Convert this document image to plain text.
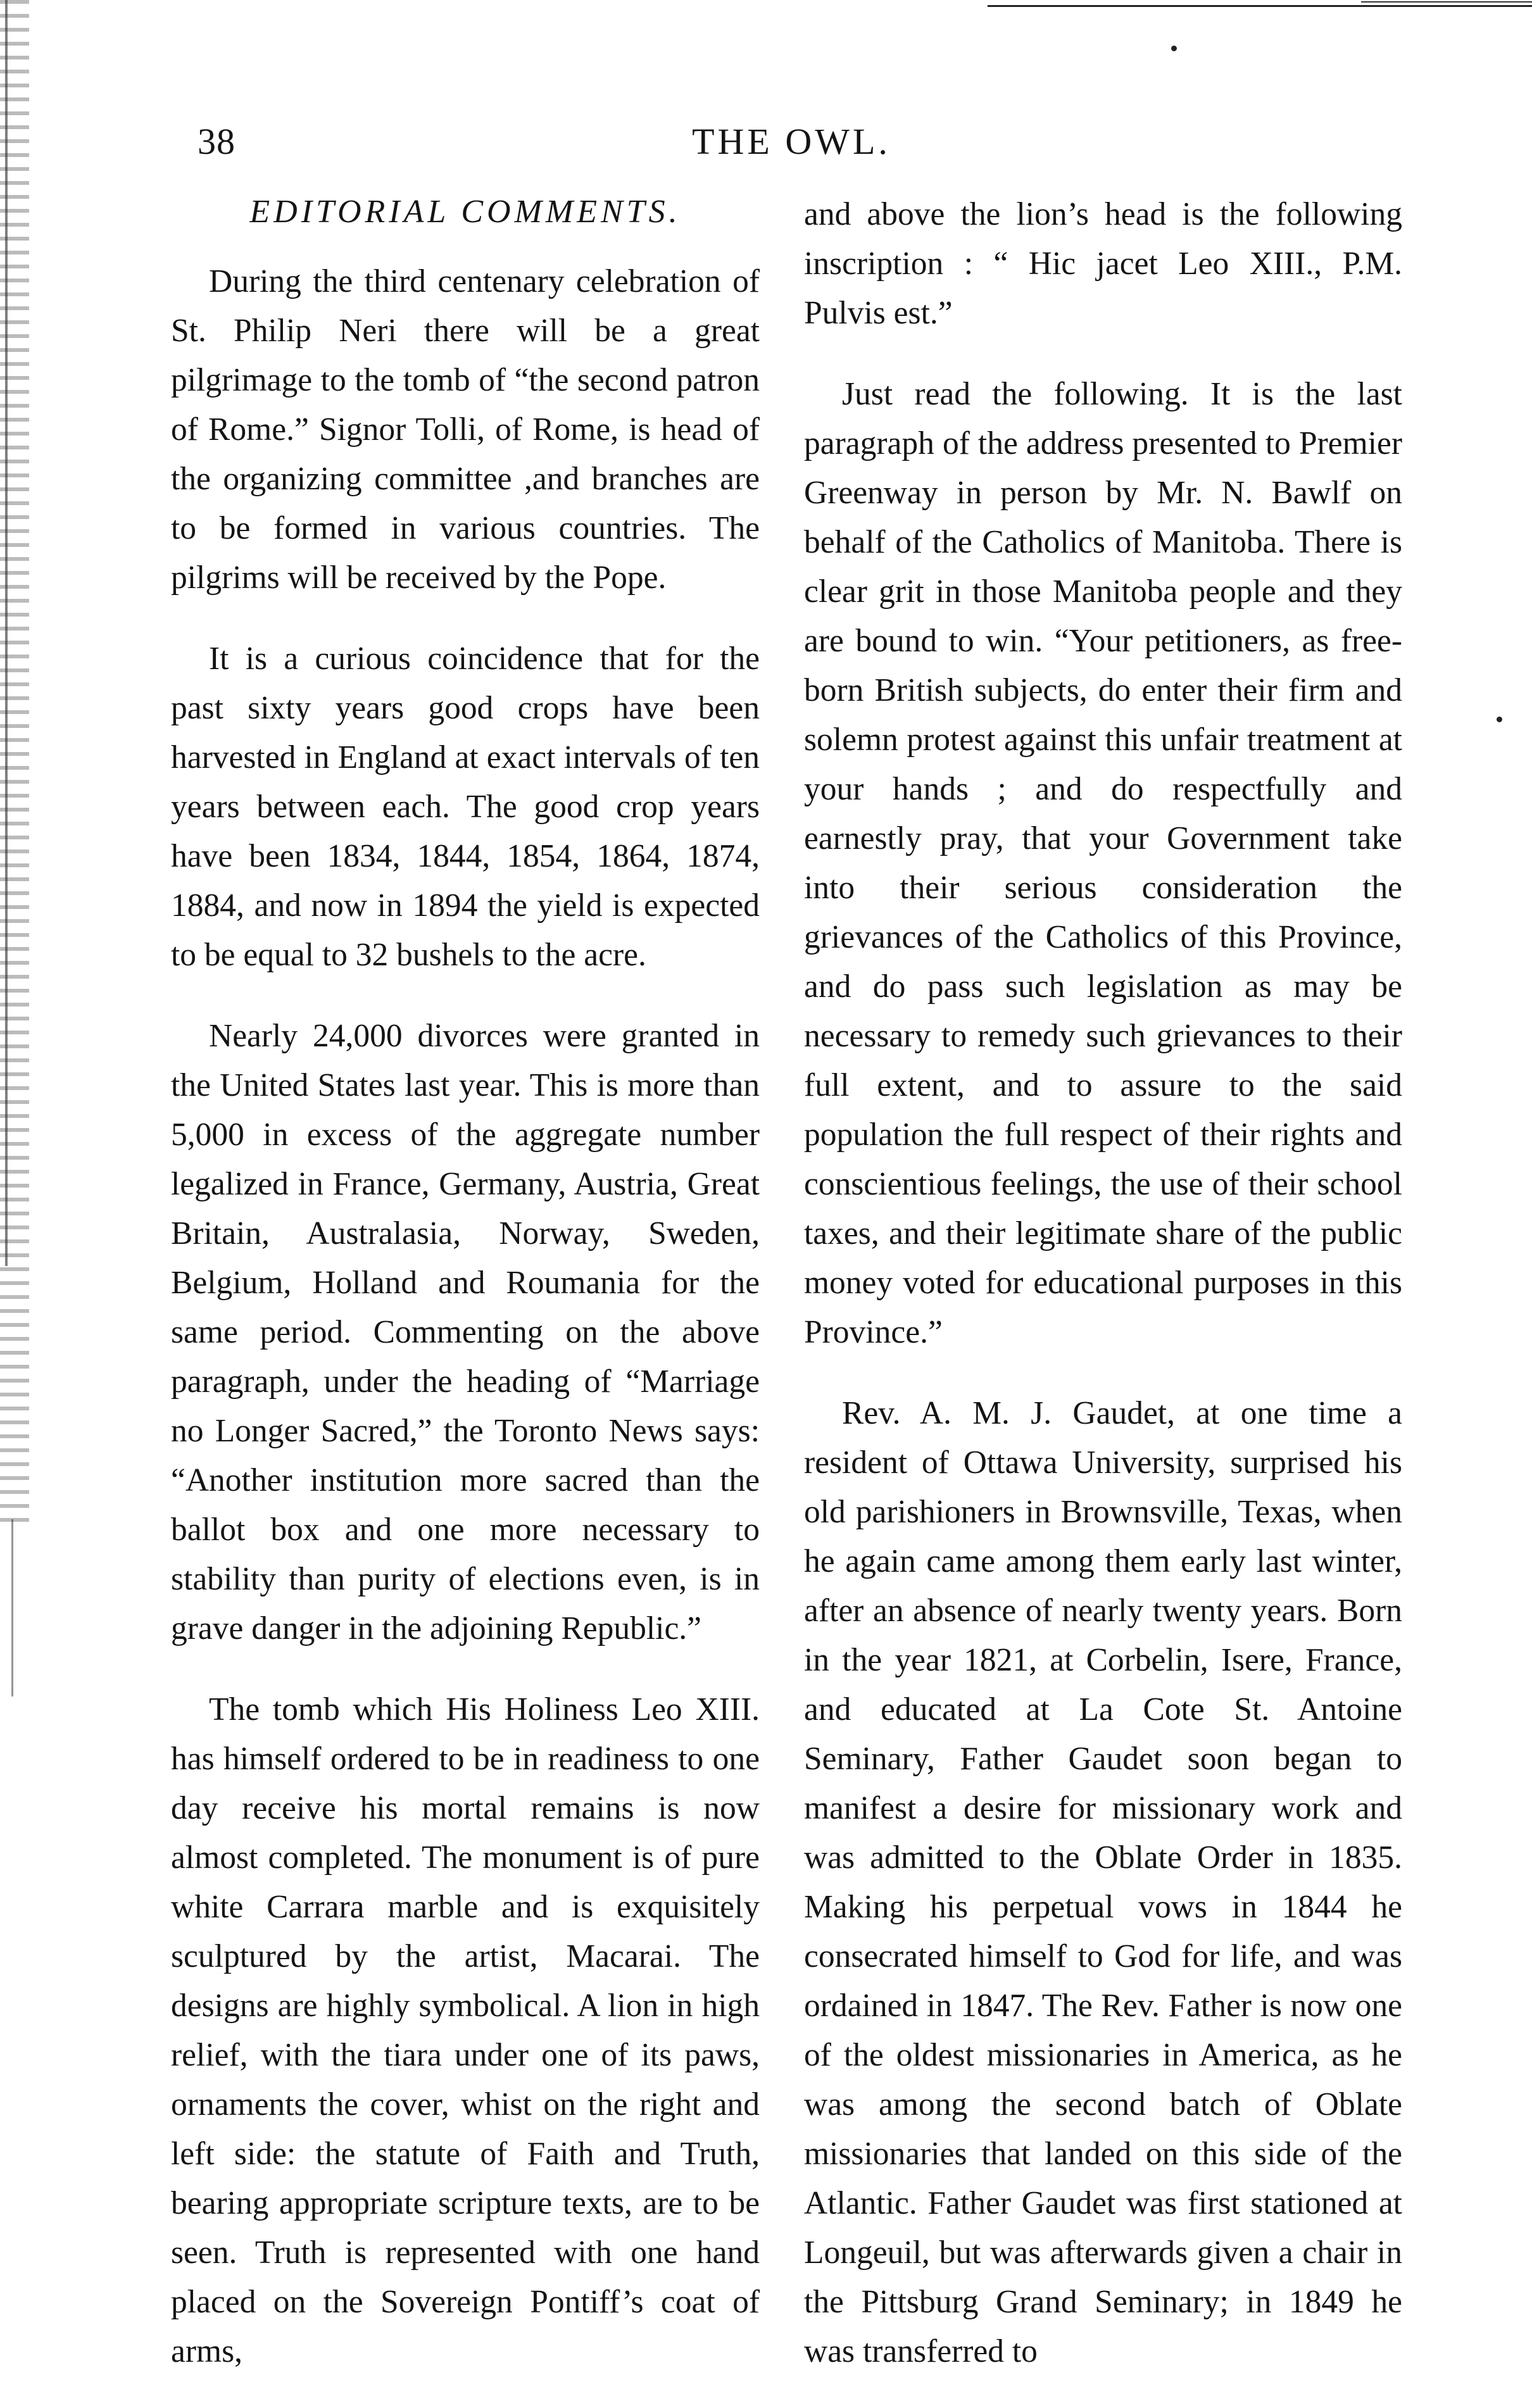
38	THE OWL.
EDITORIAL COMMENTS.

During the third centenary celebration of St. Philip Neri there will be a great pilgrimage to the tomb of “the second patron of Rome.” Signor Tolli, of Rome, is head of the organizing committee ,and branches are to be formed in various countries. The pilgrims will be received by the Pope.

It is a curious coincidence that for the past sixty years good crops have been harvested in England at exact intervals of ten years between each. The good crop years have been 1834, 1844, 1854, 1864, 1874, 1884, and now in 1894 the yield is expected to be equal to 32 bushels to the acre.

Nearly 24,000 divorces were granted in the United States last year. This is more than 5,000 in excess of the aggregate number legalized in France, Germany, Austria, Great Britain, Australasia, Norway, Sweden, Belgium, Holland and Roumania for the same period. Commenting on the above paragraph, under the heading of “Marriage no Longer Sacred,” the Toronto News says: “Another institution more sacred than the ballot box and one more necessary to stability than purity of elections even, is in grave danger in the adjoining Republic.”

The tomb which His Holiness Leo XIII. has himself ordered to be in readiness to one day receive his mortal remains is now almost completed. The monument is of pure white Carrara marble and is exquisitely sculptured by the artist, Macarai. The designs are highly symbolical. A lion in high relief, with the tiara under one of its paws, ornaments the cover, whist on the right and left side: the statute of Faith and Truth, bearing appropriate scripture texts, are to be seen. Truth is represented with one hand placed on the Sovereign Pontiff’s coat of arms,

and above the lion’s head is the following inscription : “ Hic jacet Leo XIII., P.M. Pulvis est.”

Just read the following. It is the last paragraph of the address presented to Premier Greenway in person by Mr. N. Bawlf on behalf of the Catholics of Manitoba. There is clear grit in those Manitoba people and they are bound to win. “Your petitioners, as free-born British subjects, do enter their firm and solemn protest against this unfair treatment at your hands ; and do respectfully and earnestly pray, that your Government take into their serious consideration the grievances of the Catholics of this Province, and do pass such legislation as may be necessary to remedy such grievances to their full extent, and to assure to the said population the full respect of their rights and conscientious feelings, the use of their school taxes, and their legitimate share of the public money voted for educational purposes in this Province.”

Rev. A. M. J. Gaudet, at one time a resident of Ottawa University, surprised his old parishioners in Brownsville, Texas, when he again came among them early last winter, after an absence of nearly twenty years. Born in the year 1821, at Corbelin, Isere, France, and educated at La Cote St. Antoine Seminary, Father Gaudet soon began to manifest a desire for missionary work and was admitted to the Oblate Order in 1835. Making his perpetual vows in 1844 he consecrated himself to God for life, and was ordained in 1847. The Rev. Father is now one of the oldest missionaries in America, as he was among the second batch of Oblate missionaries that landed on this side of the Atlantic. Father Gaudet was first stationed at Longeuil, but was afterwards given a chair in the Pittsburg Grand Seminary; in 1849 he was transferred to
